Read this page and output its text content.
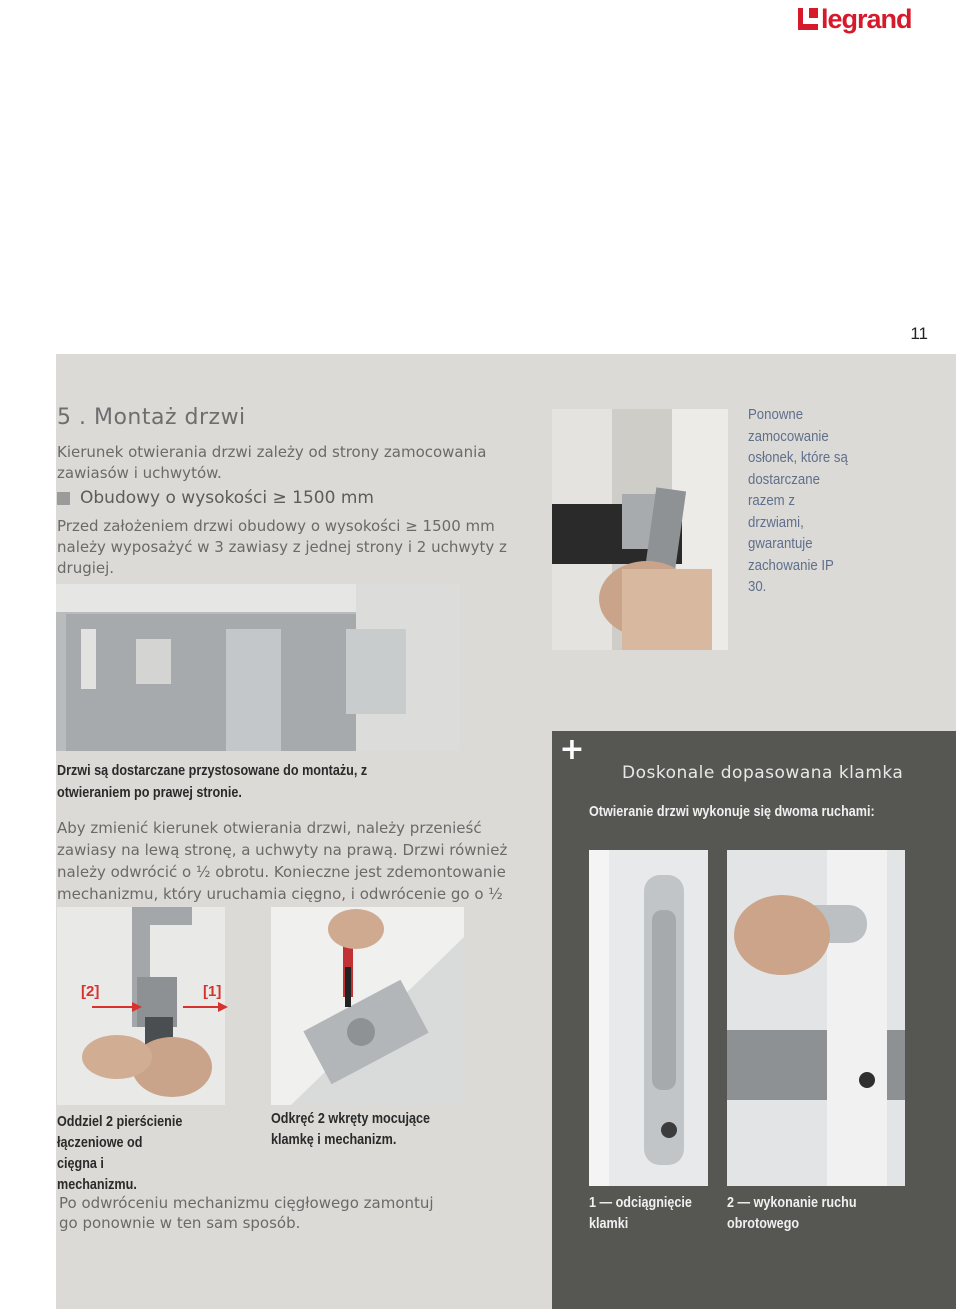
legrand
11
5 . Montaż drzwi
Kierunek otwierania drzwi zależy od strony zamocowania zawiasów i uchwytów.
Obudowy o wysokości ≥ 1500 mm
Przed założeniem drzwi obudowy o wysokości ≥ 1500 mm należy wyposażyć w 3 zawiasy z jednej strony i 2 uchwyty z drugiej.
Ponowne zamocowanie osłonek, które są dostarczane razem z drzwiami, gwarantuje zachowanie IP 30.
Drzwi są dostarczane przystosowane do montażu, z otwieraniem po prawej stronie.
Aby zmienić kierunek otwierania drzwi, należy przenieść zawiasy na lewą stronę, a uchwyty na prawą. Drzwi również należy odwrócić o ½ obrotu. Konieczne jest zdemontowanie mechanizmu, który uruchamia cięgno, i odwrócenie go o ½
[2]	[1]
Oddziel 2 pierścienie łączeniowe od cięgna i mechanizmu.
Odkręć 2 wkręty mocujące klamkę i mechanizm.
Po odwróceniu mechanizmu cięgłowego zamontuj go ponownie w ten sam sposób.
+
Doskonale dopasowana klamka
Otwieranie drzwi wykonuje się dwoma ruchami:
1 — odciągnięcie klamki
2 — wykonanie ruchu obrotowego
